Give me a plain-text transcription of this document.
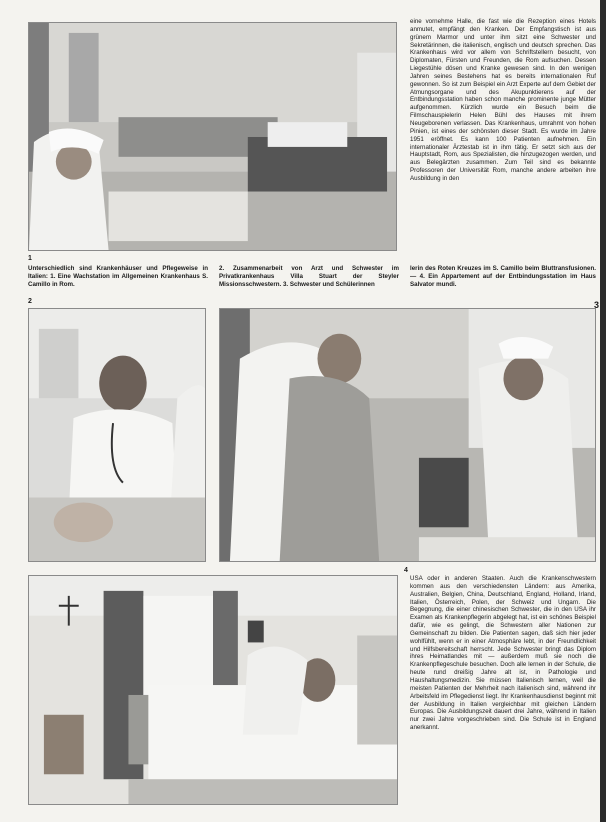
1

eine vornehme Halle, die fast wie die Rezeption eines Hotels anmutet, empfängt den Kranken. Der Empfangstisch ist aus grünem Marmor und unter ihm sitzt eine Schwester und Sekretärinnen, die italienisch, englisch und deutsch sprechen. Das Krankenhaus wird vor allem von Schriftstellern besucht, von Diplomaten, Fürsten und Freunden, die Rom aufsuchen. Dessen Liegestühle dösen und Kranke gewesen sind. In den wenigen Jahren seines Bestehens hat es bereits internationalen Ruf gewonnen. So ist zum Beispiel ein Arzt Experte auf dem Gebiet der Atmungsorgane und des Akupunktierens auf der Entbindungsstation haben schon manche prominente junge Mütter aufgenommen. Kürzlich wurde ein Besuch beim die Filmschauspielerin Helen Bühl des Hauses mit ihrem Neugeborenen verlassen. Das Krankenhaus, umrahmt von hohen Pinien, ist eines der schönsten dieser Stadt. Es wurde im Jahre 1951 eröffnet. Es kann 100 Patienten aufnehmen. Ein internationaler Ärztestab ist in ihm tätig. Er setzt sich aus der Hauptstadt, Rom, aus Spezialisten, die hinzugezogen werden, und aus Belegärzten zusammen. Zum Teil sind es bekannte Professoren der Universität Rom, manche andere arbeiten ihre Ausbildung in den

Unterschiedlich sind Krankenhäuser und Pflegeweise in Italien: 1. Eine Wachstation im Allgemeinen Krankenhaus S. Camillo in Rom.
2. Zusammenarbeit von Arzt und Schwester im Privatkrankenhaus Villa Stuart der Steyler Missionsschwestern. 3. Schwester und Schülerinnen
lerin des Roten Kreuzes im S. Camillo beim Bluttransfusionen. — 4. Ein Appartement auf der Entbindungsstation im Haus Salvator mundi.
2
4

USA oder in anderen Staaten. Auch die Krankenschwestern kommen aus den verschiedensten Ländern: aus Amerika, Australien, Belgien, China, Deutschland, England, Holland, Irland, Italien, Österreich, Polen, der Schweiz und Ungarn. Die Begegnung, die einer chinesischen Schwester, die in den USA ihr Examen als Krankenpflegerin abgelegt hat, ist ein schönes Beispiel dafür, wie es gelingt, die Schwestern aller Nationen zur Gemeinschaft zu bilden. Die Patienten sagen, daß sich hier jeder wohlfühlt, wenn er in einer Atmosphäre lebt, in der Freundlichkeit und Hilfsbereitschaft herrscht. Jede Schwester bringt das Diplom ihres Heimatlandes mit — außerdem muß sie noch die Krankenpflegeschule besuchen. Doch alle lernen in der Schule, die heute rund dreißig Jahre alt ist, in Pathologie und Haushaltungsmedizin. Sie müssen Italienisch lernen, weil die meisten Patienten der Mehrheit nach italienisch sind, während ihr Arbeitsfeld im Pflegedienst liegt. Ihr Krankenhausdienst beginnt mit der Ausbildung in Italien vergleichbar mit gleichen Ländern Europas. Die Ausbildungszeit dauert drei Jahre, während in Italien nur zwei Jahre vorgeschrieben sind. Die Schule ist in England anerkannt.

3
